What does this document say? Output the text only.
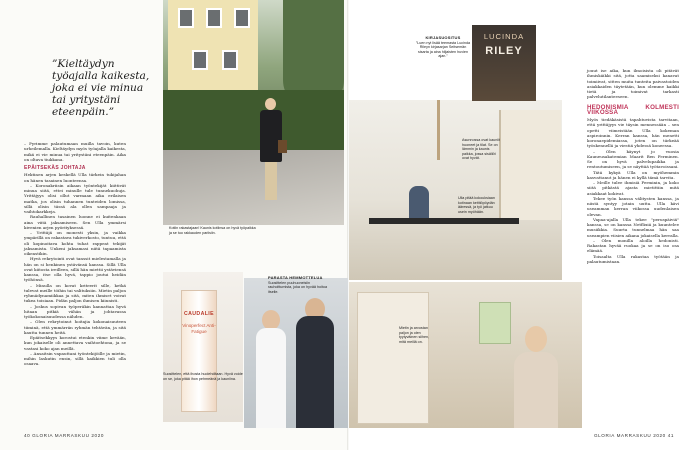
”Kieltäydyn
työajalla kaikesta,
joka ei vie minua
tai yritystäni
eteenpäin.”

– Pyrimme palautumaan muilla tavoin, kuten urheilemalla. Kieltäydyn myös työajalla kaikesta, mikä ei vie minua tai yritystäni eteenpäin. Aika on oltava tiukkana.

EPÄITSEKÄS JOHTAJA

Hektinen arjen keskellä Ulla tärkein tukijahan on hänen tasainen luonteensa.

– Koronakriisin aikaan työntekijät kiittivät minua siitä, ettei minulle tule tunnekuohuja. Yrittäjyys olisi ollut varmaan aika erilaisen matka, jos olisin tuhannen tunteiden lomissa, sillä olisin tässä ala ollen sampaaja ja vaihtokarkkeja.

Rauhallinen tasainen luonne ei kuitenkaan aina viitä jaksamiseen. Sen Ulla ymmärsi kivenien arjen pyörityksessä.

– Yrittäjä on monesti yksin, ja vaikka ympärillä on rakastava tukiverkosto, tuntuu, että oli kopinoitava kohta tuhat rappeat tekijät jaksamista. Unkeni jaksamasi niitä tapaamista oikeastikin.

Hyvä rekrytointi ovat tanssit mielestamalla ja hän on si henkinen ystävänsä kanssa. Sillä Ulla ovat kiitosta ireilleen, sillä hän miettii ystäviensä kanssa, itse olla hyvä, tappio joutui heidän työhönsä.

– Minulla on kovat kriteerit sille, ketkä tulevat meille töihin tai valituksiin. Mietin paljon ryhmädynamiikkaa ja sitä, miten ihmiset voivat tukea toisiaan. Pidän paljon ihmisen kiinnisti.

– Joskus sopivan työperäkin kannattaa hyvä hitaan pitkiä vähän ja johtavassa työkokonaisuudessa nähden.

– Olen rekrytoinut hoitajia kokonaisuuteen tiiminä, että ymmärrän ryhmän tehtävän, ja sitä kautta tunnen heitä.

Epäitsekkyys korostui etenkin viime kevään, kun jokaiselle oli annettava vaihtoehtona, ja se vastasi koko ajan meillä.

– Ansaitsin vapauttani työntekijöille ja mietin, mihin laskutin ensin, sillä kaikkien tuli olla osaava.

Kotiin rakastajaan! Kaunis kotiinsa on hyvä työpaikka ja se tuo rakkauden pariisiin.
Asunnossa ovat kauniit huoneet ja tilat. Se on lämmin ja kaunis paikka, jossa sisällöt ovat hyvät.
Ulla pitää kokouksiaan kotinaan keittiöpöydän ääressä, ja työ jatkuu usein myöhään.
KIRJASUOSITUS
”Luen nyt lisää teemasta Lucinda Rileyn kirjasarjan Seitsemän sisarta ja aina hiljaisten huvien ajan.”
LUCINDA
RILEY

jouut ise aika, kun ilmoisista oli pitävät ihmiskäikki sitä, jotta saamiseksi kanavat toimiivat, sitten muita tunteita paivastoiden asiakkaiden täytetään, kun olemme kaikki tietä ja toimivat tarkasti palvelutilanteeseen.

HEDONISMIA KOLMESTI VIIKOSSA

Myös tiedäkäsistä tapahtuvista tarvitaan, että yrittäjyys vie täysin mennessään – sen opetti viimeistään Ulla kokeman aspiroinnin. Kerran kanssa, hän menetti koronaepidemiassa, joten on tärkeää työskennellä ja viestiä yhdessä koneessa.

– Olen käynyt jo vuosia Kauneusakatemian Maarit Ben Ferminen. Se on hyvä palvelupaikka ja rentoutumiseen, ja se näyttää työtavoissani.

Tätä kykyä Ulla on myöhemmin kasvattanut ja hänen ei kyllä tämä tarvita.

– Meille tulee ihmisiä Ferminin, ja koko siitä pitkästä ajasta mietittiin mitä asiakkaat kokivat.

Tekee työn kanssa välitysten kanssa, ja niistä syntyy jotain uutta. Ulla kävi useamman kerran viikossa uudenlaisen olevan.

Vapaa-ajalla Ulla tekee "peruspäiviä" kanssa, se on kanssa Netflixiä ja kuuntelee musiikkia. Suurta tunnelmaa hän saa useampien viisien aikana jokaisella kerralla.

– Olen monilla aloilla hedonisti. Rakastan hyvää ruokaa ja se on iso osa elämää.

Toisaalta Ulla rakastaa työtään ja palautumistaan.

CAUDALIE
Vinoperfect Anti-Fatigue
Suosittelen, että ihosta huolehditaan. Hyvä voide on se, joka pitää ihon pehmeänä ja kauniina.
PARASTA HEMMOTTELUA
Suosittelen puuhuoneisiin rauhoittumista, joka on hyvää hoitoa itselle.
Mietin ja arvostan paljon ja olen tyytyväinen siihen, mitä meillä on.
40 GLORIA MARRASKUU 2020	GLORIA MARRASKUU 2020 41
